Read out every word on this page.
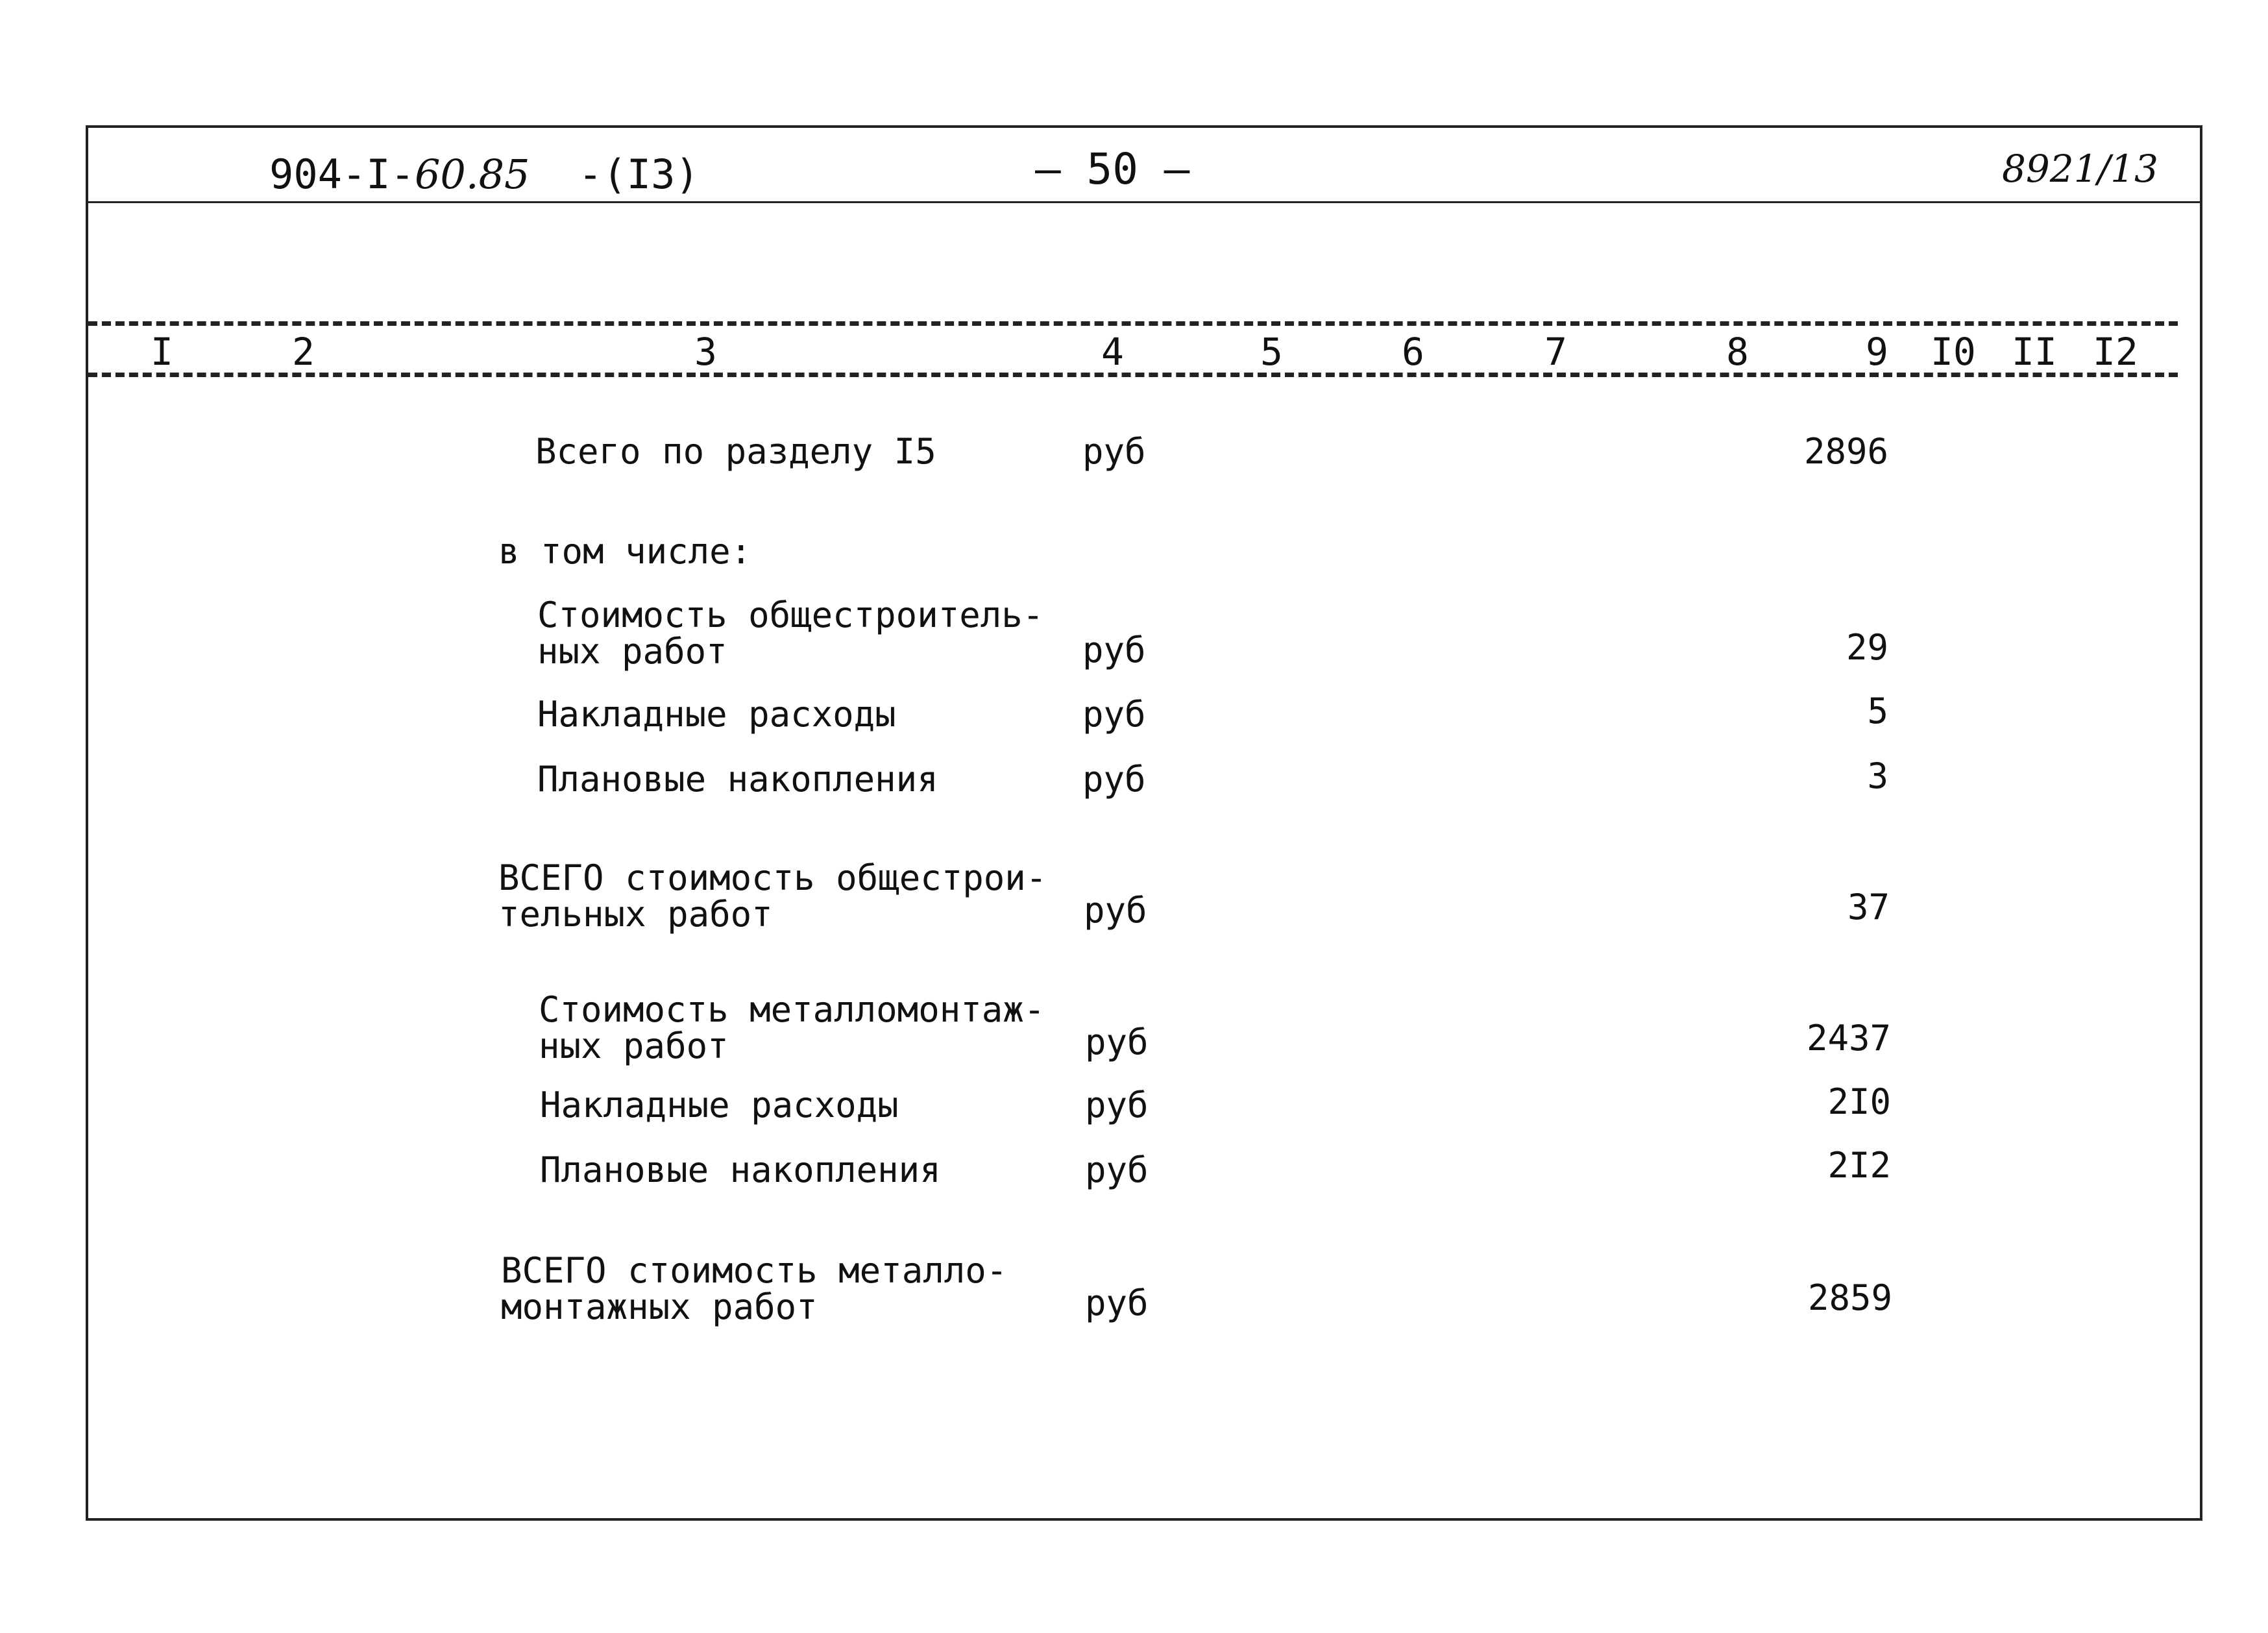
904-I-60.85 -(I3)	– 50 –	8921/13
I	2	3	4	5	6	7	8	9 I0 II I2
Всего по разделу I5	руб	2896
в том числе:
Стоимость общестроитель-
ных работ	руб	29
Накладные расходы	руб	5
Плановые накопления	руб	3
ВСЕГО стоимость общестрои-
тельных работ	руб	37
Стоимость металломонтаж-
ных работ	руб	2437
Накладные расходы	руб	2I0
Плановые накопления	руб	2I2
ВСЕГО стоимость металло-
монтажных работ	руб	2859
